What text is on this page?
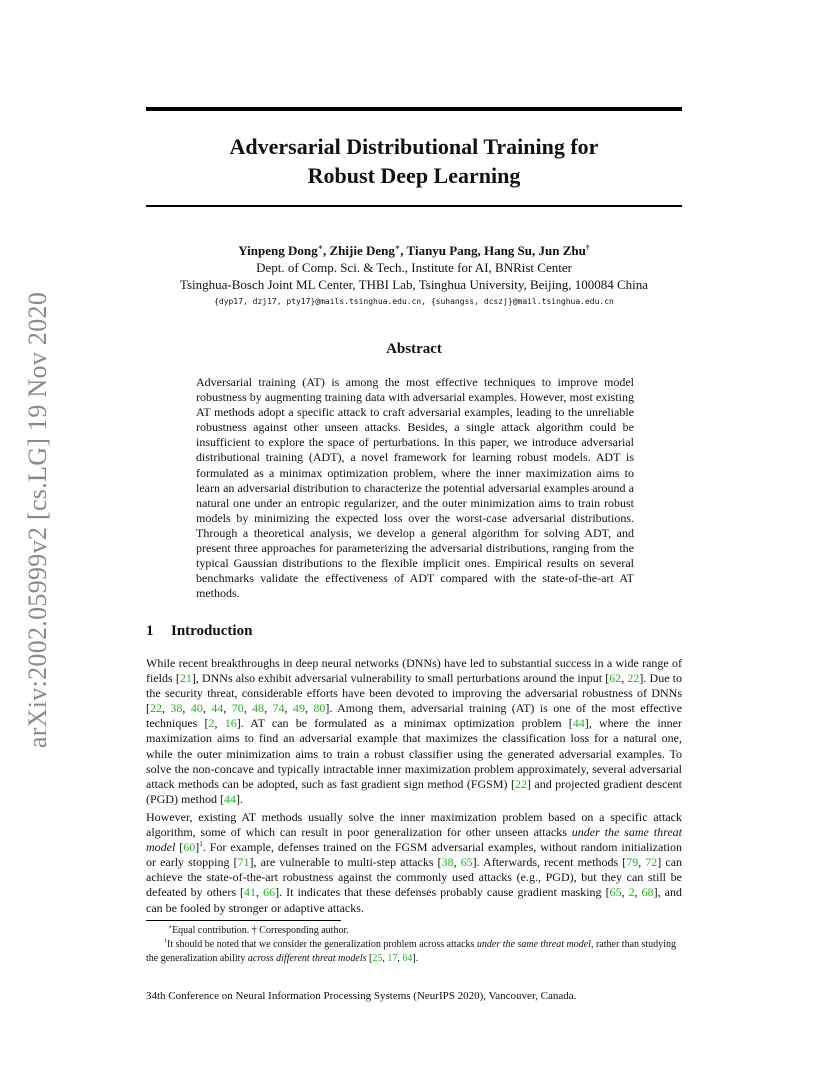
arXiv:2002.05999v2 [cs.LG] 19 Nov 2020
Adversarial Distributional Training for
Robust Deep Learning
Yinpeng Dong∗, Zhijie Deng∗, Tianyu Pang, Hang Su, Jun Zhu†
Dept. of Comp. Sci. & Tech., Institute for AI, BNRist Center
Tsinghua-Bosch Joint ML Center, THBI Lab, Tsinghua University, Beijing, 100084 China
{dyp17, dzj17, pty17}@mails.tsinghua.edu.cn, {suhangss, dcszj}@mail.tsinghua.edu.cn
Abstract

Adversarial training (AT) is among the most effective techniques to improve model robustness by augmenting training data with adversarial examples. However, most existing AT methods adopt a specific attack to craft adversarial examples, leading to the unreliable robustness against other unseen attacks. Besides, a single attack algorithm could be insufficient to explore the space of perturbations. In this paper, we introduce adversarial distributional training (ADT), a novel framework for learning robust models. ADT is formulated as a minimax optimization problem, where the inner maximization aims to learn an adversarial distribution to characterize the potential adversarial examples around a natural one under an entropic regularizer, and the outer minimization aims to train robust models by minimizing the expected loss over the worst-case adversarial distributions. Through a theoretical analysis, we develop a general algorithm for solving ADT, and present three approaches for parameterizing the adversarial distributions, ranging from the typical Gaussian distributions to the flexible implicit ones. Empirical results on several benchmarks validate the effectiveness of ADT compared with the state-of-the-art AT methods.

1 Introduction

While recent breakthroughs in deep neural networks (DNNs) have led to substantial success in a wide range of fields [21], DNNs also exhibit adversarial vulnerability to small perturbations around the input [62, 22]. Due to the security threat, considerable efforts have been devoted to improving the adversarial robustness of DNNs [22, 38, 40, 44, 70, 48, 74, 49, 80]. Among them, adversarial training (AT) is one of the most effective techniques [2, 16]. AT can be formulated as a minimax optimization problem [44], where the inner maximization aims to find an adversarial example that maximizes the classification loss for a natural one, while the outer minimization aims to train a robust classifier using the generated adversarial examples. To solve the non-concave and typically intractable inner maximization problem approximately, several adversarial attack methods can be adopted, such as fast gradient sign method (FGSM) [22] and projected gradient descent (PGD) method [44].

However, existing AT methods usually solve the inner maximization problem based on a specific attack algorithm, some of which can result in poor generalization for other unseen attacks under the same threat model $[60]^1$. For example, defenses trained on the FGSM adversarial examples, without random initialization or early stopping [71], are vulnerable to multi-step attacks [38, 65]. Afterwards, recent methods [79, 72] can achieve the state-of-the-art robustness against the commonly used attacks (e.g., PGD), but they can still be defeated by others [41, 66]. It indicates that these defenses probably cause gradient masking [65, 2, 68], and can be fooled by stronger or adaptive attacks.

∗Equal contribution. † Corresponding author.
$^1$It should be noted that we consider the generalization problem across attacks under the same threat model, rather than studying the generalization ability across different threat models [25, 17, 64].
34th Conference on Neural Information Processing Systems (NeurIPS 2020), Vancouver, Canada.
